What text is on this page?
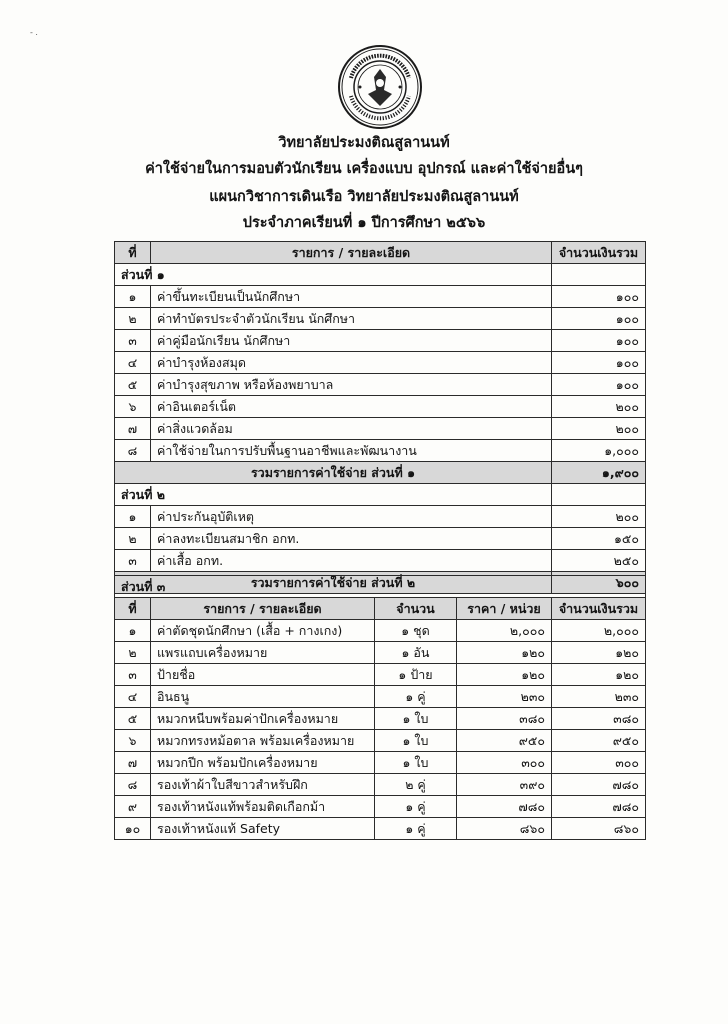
- .
วิทยาลัยประมงติณสูลานนท์
ค่าใช้จ่ายในการมอบตัวนักเรียน เครื่องแบบ อุปกรณ์ และค่าใช้จ่ายอื่นๆ
แผนกวิชาการเดินเรือ วิทยาลัยประมงติณสูลานนท์
ประจำภาคเรียนที่ ๑ ปีการศึกษา ๒๕๖๖
ที่	รายการ / รายละเอียด	จำนวนเงินรวม
ส่วนที่ ๑		
๑	ค่าขึ้นทะเบียนเป็นนักศึกษา	๑๐๐
๒	ค่าทำบัตรประจำตัวนักเรียน นักศึกษา	๑๐๐
๓	ค่าคู่มือนักเรียน นักศึกษา	๑๐๐
๔	ค่าบำรุงห้องสมุด	๑๐๐
๕	ค่าบำรุงสุขภาพ หรือห้องพยาบาล	๑๐๐
๖	ค่าอินเตอร์เน็ต	๒๐๐
๗	ค่าสิ่งแวดล้อม	๒๐๐
๘	ค่าใช้จ่ายในการปรับพื้นฐานอาชีพและพัฒนางาน	๑,๐๐๐
รวมรายการค่าใช้จ่าย ส่วนที่ ๑		๑,๙๐๐
ส่วนที่ ๒		
๑	ค่าประกันอุบัติเหตุ	๒๐๐
๒	ค่าลงทะเบียนสมาชิก อกท.	๑๕๐
๓	ค่าเสื้อ อกท.	๒๕๐
รวมรายการค่าใช้จ่าย ส่วนที่ ๒		๖๐๐
ส่วนที่ ๓				
ที่	รายการ / รายละเอียด	จำนวน	ราคา / หน่วย	จำนวนเงินรวม
๑	ค่าตัดชุดนักศึกษา (เสื้อ + กางเกง)	๑ ชุด	๒,๐๐๐	๒,๐๐๐
๒	แพรแถบเครื่องหมาย	๑ อัน	๑๒๐	๑๒๐
๓	ป้ายชื่อ	๑ ป้าย	๑๒๐	๑๒๐
๔	อินธนู	๑ คู่	๒๓๐	๒๓๐
๕	หมวกหนีบพร้อมค่าปักเครื่องหมาย	๑ ใบ	๓๘๐	๓๘๐
๖	หมวกทรงหม้อตาล พร้อมเครื่องหมาย	๑ ใบ	๙๕๐	๙๕๐
๗	หมวกปีก พร้อมปักเครื่องหมาย	๑ ใบ	๓๐๐	๓๐๐
๘	รองเท้าผ้าใบสีขาวสำหรับฝึก	๒ คู่	๓๙๐	๗๘๐
๙	รองเท้าหนังแท้พร้อมติดเกือกม้า	๑ คู่	๗๘๐	๗๘๐
๑๐	รองเท้าหนังแท้ Safety	๑ คู่	๘๖๐	๘๖๐
